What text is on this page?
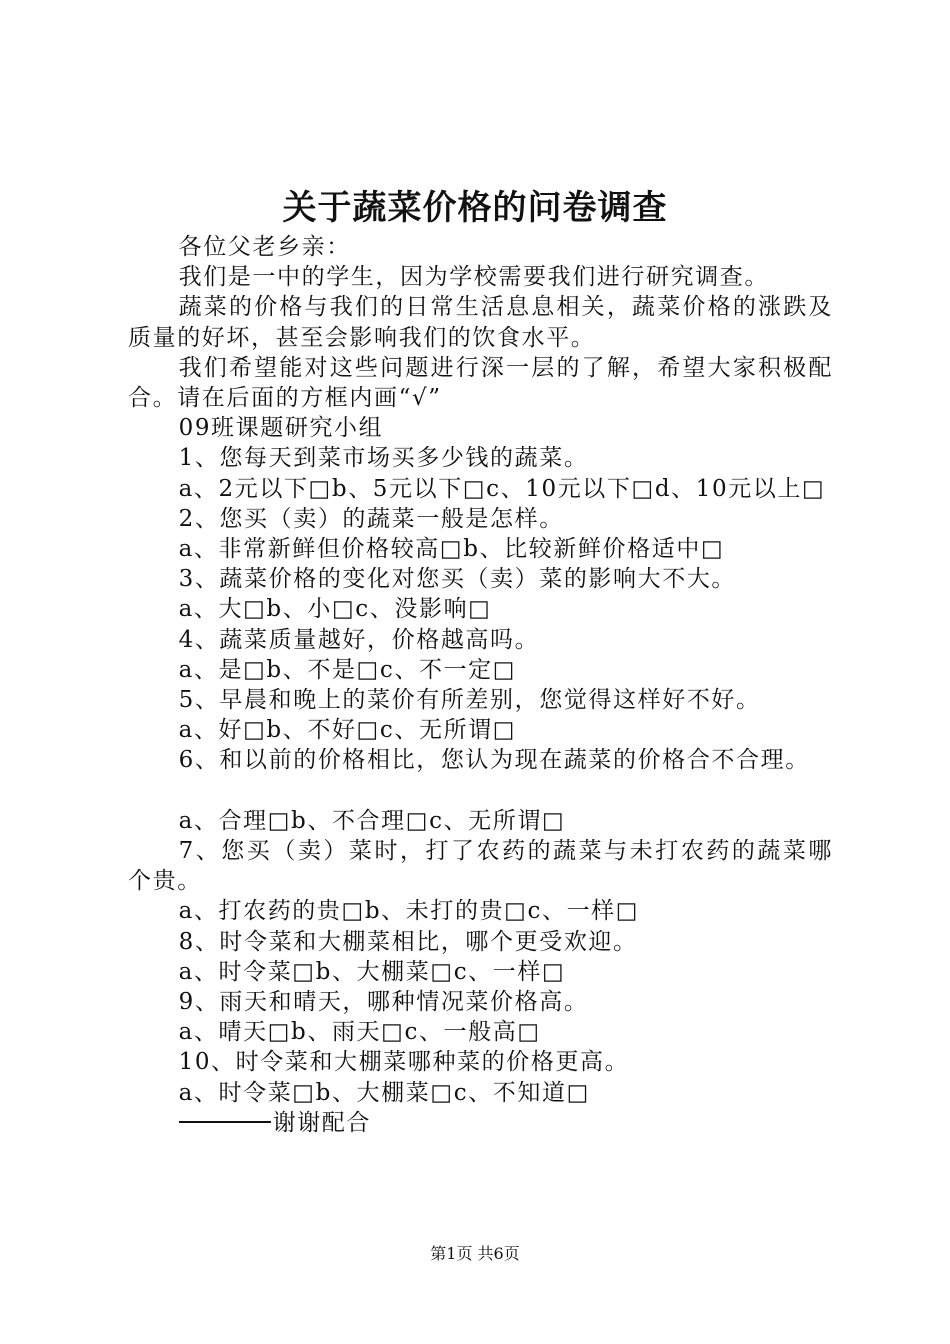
关于蔬菜价格的问卷调查

各位父老乡亲：

我们是一中的学生，因为学校需要我们进行研究调查。

蔬菜的价格与我们的日常生活息息相关，蔬菜价格的涨跌及质量的好坏，甚至会影响我们的饮食水平。

我们希望能对这些问题进行深一层的了解，希望大家积极配合。请在后面的方框内画“√”

09班课题研究小组

1、您每天到菜市场买多少钱的蔬菜。

a、2元以下□b、5元以下□c、10元以下□d、10元以上□

2、您买（卖）的蔬菜一般是怎样。

a、非常新鲜但价格较高□b、比较新鲜价格适中□

3、蔬菜价格的变化对您买（卖）菜的影响大不大。

a、大□b、小□c、没影响□

4、蔬菜质量越好，价格越高吗。

a、是□b、不是□c、不一定□

5、早晨和晚上的菜价有所差别，您觉得这样好不好。

a、好□b、不好□c、无所谓□

6、和以前的价格相比，您认为现在蔬菜的价格合不合理。

a、合理□b、不合理□c、无所谓□

7、您买（卖）菜时，打了农药的蔬菜与未打农药的蔬菜哪个贵。

a、打农药的贵□b、未打的贵□c、一样□

8、时令菜和大棚菜相比，哪个更受欢迎。

a、时令菜□b、大棚菜□c、一样□

9、雨天和晴天，哪种情况菜价格高。

a、晴天□b、雨天□c、一般高□

10、时令菜和大棚菜哪种菜的价格更高。

a、时令菜□b、大棚菜□c、不知道□

谢谢配合
第1页 共6页
